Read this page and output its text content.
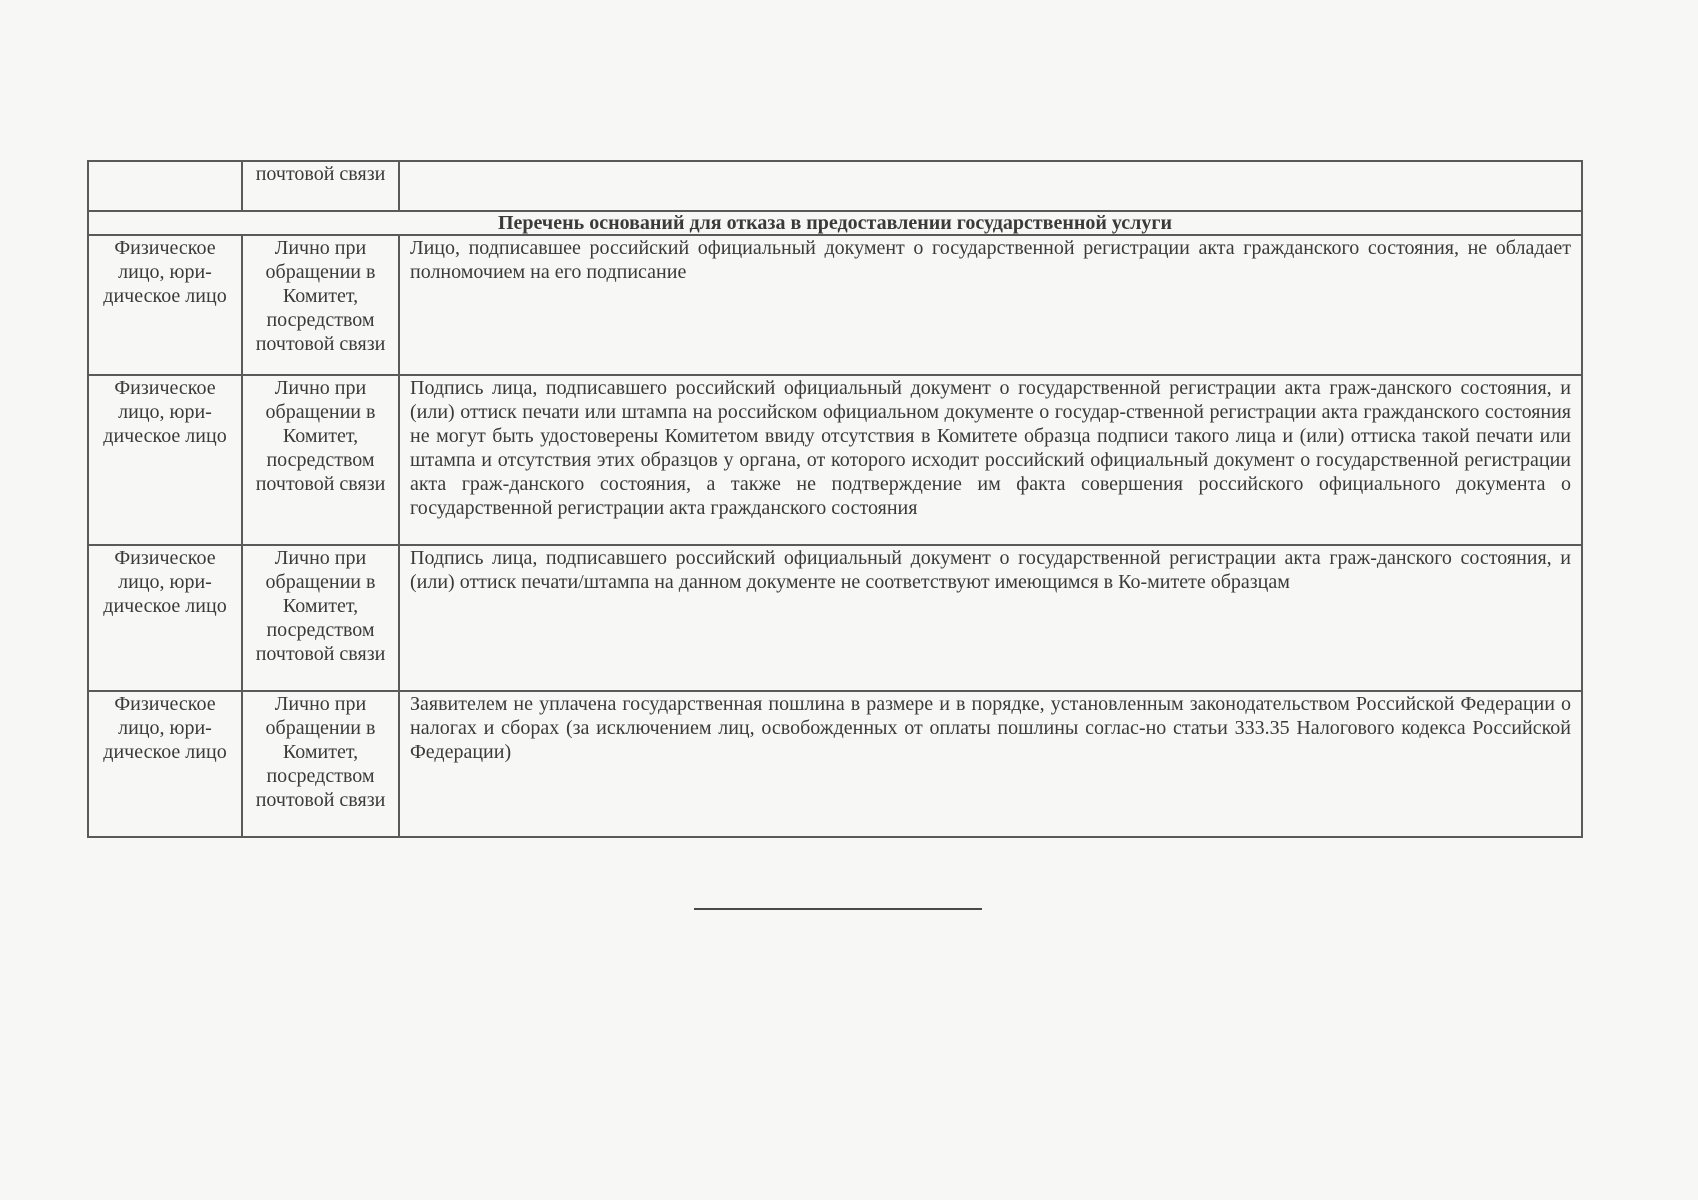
	почтовой связи	
Перечень оснований для отказа в предоставлении государственной услуги		
Физическое лицо, юри-дическое лицо	Лично при обращении в Комитет, посредством почтовой связи	Лицо, подписавшее российский официальный документ о государственной регистрации акта гражданского состояния, не обладает полномочием на его подписание
Физическое лицо, юри-дическое лицо	Лично при обращении в Комитет, посредством почтовой связи	Подпись лица, подписавшего российский официальный документ о государственной регистрации акта граж-данского состояния, и (или) оттиск печати или штампа на российском официальном документе о государ-ственной регистрации акта гражданского состояния не могут быть удостоверены Комитетом ввиду отсутствия в Комитете образца подписи такого лица и (или) оттиска такой печати или штампа и отсутствия этих образцов у органа, от которого исходит российский официальный документ о государственной регистрации акта граж-данского состояния, а также не подтверждение им факта совершения российского официального документа о государственной регистрации акта гражданского состояния
Физическое лицо, юри-дическое лицо	Лично при обращении в Комитет, посредством почтовой связи	Подпись лица, подписавшего российский официальный документ о государственной регистрации акта граж-данского состояния, и (или) оттиск печати/штампа на данном документе не соответствуют имеющимся в Ко-митете образцам
Физическое лицо, юри-дическое лицо	Лично при обращении в Комитет, посредством почтовой связи	Заявителем не уплачена государственная пошлина в размере и в порядке, установленным законодательством Российской Федерации о налогах и сборах (за исключением лиц, освобожденных от оплаты пошлины соглас-но статьи 333.35 Налогового кодекса Российской Федерации)
